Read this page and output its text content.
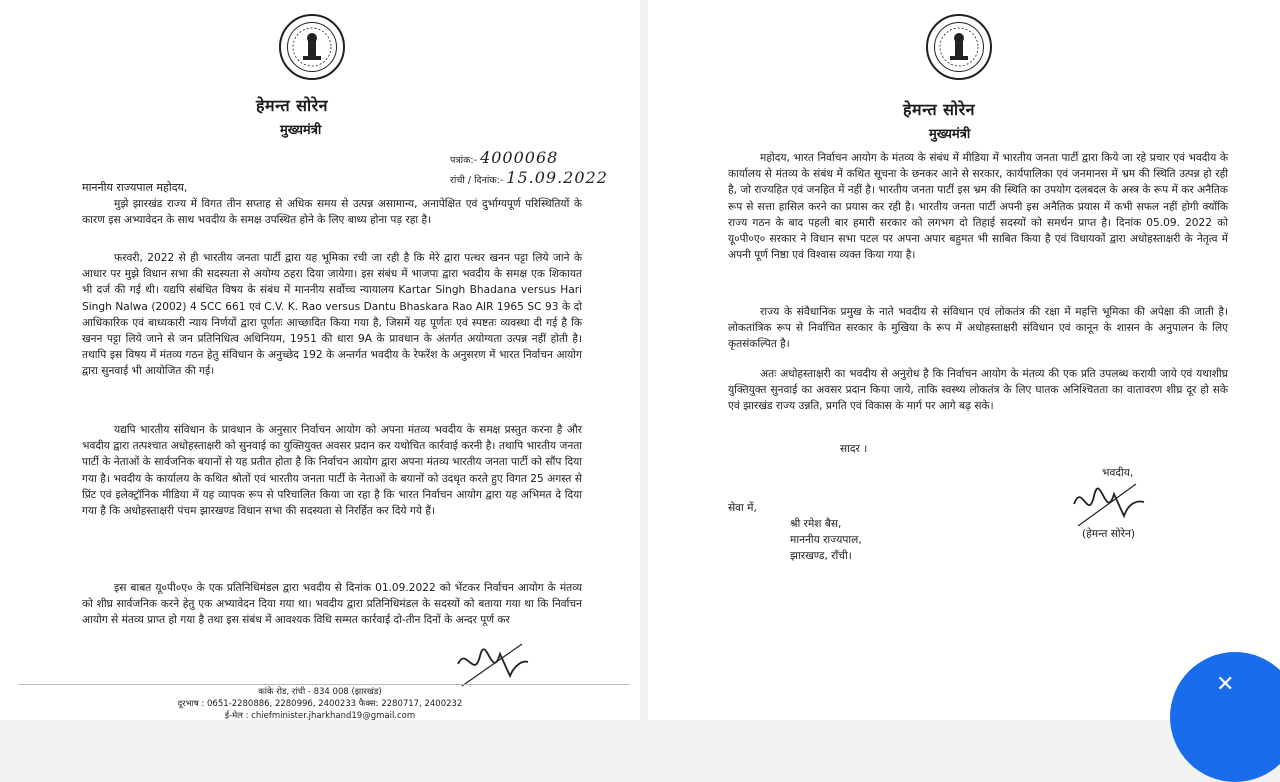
हेमन्त सोरेन
मुख्यमंत्री
पत्रांक:- 4000068
रांची / दिनांक:- 15.09.2022
माननीय राज्यपाल महोदय,

मुझे झारखंड राज्य में विगत तीन सप्ताह से अधिक समय से उत्पन्न असामान्य, अनापेक्षित एवं दुर्भाग्यपूर्ण परिस्थितियों के कारण इस अभ्यावेदन के साथ भवदीय के समक्ष उपस्थित होने के लिए बाध्य होना पड़ रहा है।

फरवरी, 2022 से ही भारतीय जनता पार्टी द्वारा यह भूमिका रची जा रही है कि मेरे द्वारा पत्थर खनन पट्टा लिये जाने के आधार पर मुझे विधान सभा की सदस्यता से अयोग्य ठहरा दिया जायेगा। इस संबंध में भाजपा द्वारा भवदीय के समक्ष एक शिकायत भी दर्ज की गई थी। यद्यपि संबंधित विषय के संबंध में माननीय सर्वोच्च न्यायालय Kartar Singh Bhadana versus Hari Singh Nalwa (2002) 4 SCC 661 एवं C.V. K. Rao versus Dantu Bhaskara Rao AIR 1965 SC 93 के दो आधिकारिक एवं बाध्यकारी न्याय निर्णयों द्वारा पूर्णतः आच्छादित किया गया है, जिसमें यह पूर्णतः एवं स्पष्टतः व्यवस्था दी गई है कि खनन पट्टा लिये जाने से जन प्रतिनिधित्व अधिनियम, 1951 की धारा 9A के प्रावधान के अंतर्गत अयोग्यता उत्पन्न नहीं होती है। तथापि इस विषय में मंतव्य गठन हेतु संविधान के अनुच्छेद 192 के अन्तर्गत भवदीय के रेफरेंश के अनुसरण में भारत निर्वाचन आयोग द्वारा सुनवाई भी आयोजित की गई।

यद्यपि भारतीय संविधान के प्रावधान के अनुसार निर्वाचन आयोग को अपना मंतव्य भवदीय के समक्ष प्रस्तुत करना है और भवदीय द्वारा तत्पश्चात अधोहस्ताक्षरी को सुनवाई का युक्तियुक्त अवसर प्रदान कर यथोचित कार्रवाई करनी है। तथापि भारतीय जनता पार्टी के नेताओं के सार्वजनिक बयानों से यह प्रतीत होता है कि निर्वाचन आयोग द्वारा अपना मंतव्य भारतीय जनता पार्टी को सौंप दिया गया है। भवदीय के कार्यालय के कथित श्रोतों एवं भारतीय जनता पार्टी के नेताओं के बयानों को उदधृत करते हुए विगत 25 अगस्त से प्रिंट एवं इलेक्ट्रॉनिक मीडिया में यह व्यापक रूप से परिचालित किया जा रहा है कि भारत निर्वाचन आयोग द्वारा यह अभिमत दे दिया गया है कि अधोहस्ताक्षरी पंचम झारखण्ड विधान सभा की सदस्यता से निरर्हित कर दिये गये हैं।

इस बाबत यू०पी०ए० के एक प्रतिनिधिमंडल द्वारा भवदीय से दिनांक 01.09.2022 को भेंटकर निर्वाचन आयोग के मंतव्य को शीघ्र सार्वजनिक करने हेतु एक अभ्यावेदन दिया गया था। भवदीय द्वारा प्रतिनिधिमंडल के सदस्यों को बताया गया था कि निर्वाचन आयोग से मंतव्य प्राप्त हो गया है तथा इस संबंध में आवश्यक विधि सम्मत कार्रवाई दो-तीन दिनों के अन्दर पूर्ण कर

कांके रोड, रांची - 834 008 (झारखंड)
दूरभाष : 0651-2280886, 2280996, 2400233 फैक्स: 2280717, 2400232
ई-मेल : chiefminister.jharkhand19@gmail.com
हेमन्त सोरेन
मुख्यमंत्री

महोदय, भारत निर्वाचन आयोग के मंतव्य के संबंध में मीडिया में भारतीय जनता पार्टी द्वारा किये जा रहे प्रचार एवं भवदीय के कार्यालय से मंतव्य के संबंध में कथित सूचना के छनकर आने से सरकार, कार्यपालिका एवं जनमानस में भ्रम की स्थिति उत्पन्न हो रही है, जो राज्यहित एवं जनहित में नहीं है। भारतीय जनता पार्टी इस भ्रम की स्थिति का उपयोग दलबदल के अस्त्र के रूप में कर अनैतिक रूप से सत्ता हासिल करने का प्रयास कर रही है। भारतीय जनता पार्टी अपनी इस अनैतिक प्रयास में कभी सफल नहीं होगी क्योंकि राज्य गठन के बाद पहली बार हमारी सरकार को लगभग दो तिहाई सदस्यों को समर्थन प्राप्त है। दिनांक 05.09. 2022 को यू०पी०ए० सरकार ने विधान सभा पटल पर अपना अपार बहुमत भी साबित किया है एवं विधायकों द्वारा अधोहस्ताक्षरी के नेतृत्व में अपनी पूर्ण निष्ठा एवं विश्वास व्यक्त किया गया है।

राज्य के संवैधानिक प्रमुख के नाते भवदीय से संविधान एवं लोकतंत्र की रक्षा में महत्ति भूमिका की अपेक्षा की जाती है। लोकतांत्रिक रूप से निर्वाचित सरकार के मुखिया के रूप में अधोहस्ताक्षरी संविधान एवं कानून के शासन के अनुपालन के लिए कृतसंकल्पित है।

अतः अधोहस्ताक्षरी का भवदीय से अनुरोध है कि निर्वाचन आयोग के मंतव्य की एक प्रति उपलब्ध करायी जाये एवं यथाशीघ्र युक्तियुक्त सुनवाई का अवसर प्रदान किया जाये, ताकि स्वस्थ्य लोकतंत्र के लिए घातक अनिश्चितता का वातावरण शीघ्र दूर हो सके एवं झारखंड राज्य उन्नति, प्रगति एवं विकास के मार्ग पर आगे बढ़ सके।

सादर ।
भवदीय,
(हेमन्त सोरेन)
सेवा में,
श्री रमेश बैस,
माननीय राज्यपाल,
झारखण्ड, रॉंची।
✕
